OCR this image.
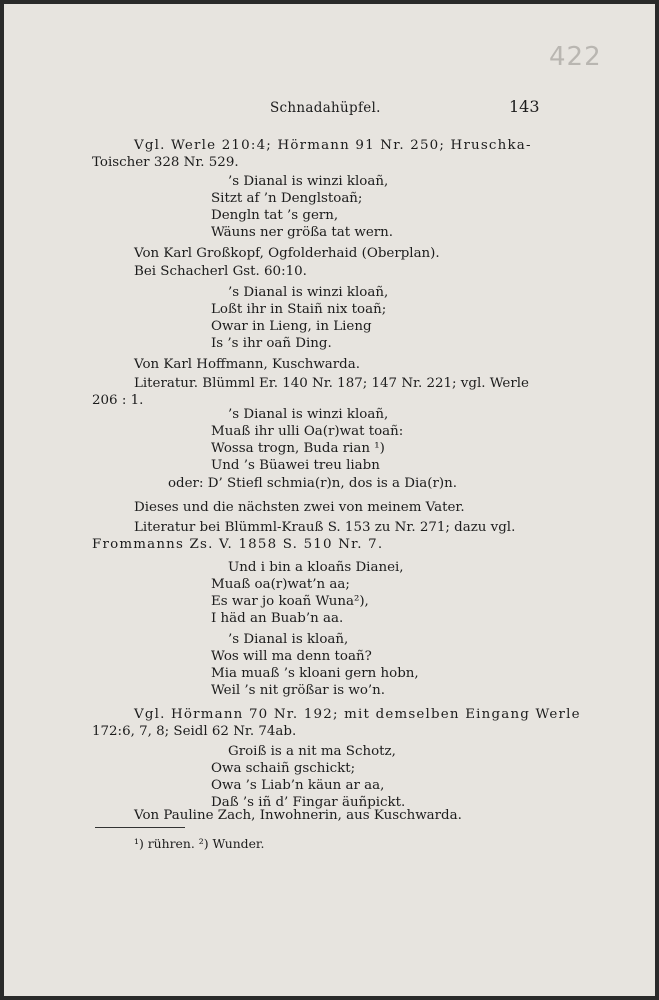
422
Schnadahüpfel.	143
Vgl. Werle 210:4; Hörmann 91 Nr. 250; Hruschka-
Toischer 328 Nr. 529.
’s Dianal is winzi kloañ,
Sitzt af ’n Denglstoañ;
Dengln tat ’s gern,
Wäuns ner größa tat wern.
Von Karl Großkopf, Ogfolderhaid (Oberplan).
Bei Schacherl Gst. 60:10.
’s Dianal is winzi kloañ,
Loßt ihr in Staiñ nix toañ;
Owar in Lieng, in Lieng
Is ’s ihr oañ Ding.
Von Karl Hoffmann, Kuschwarda.
Literatur. Blümml Er. 140 Nr. 187; 147 Nr. 221; vgl. Werle
206 : 1.
’s Dianal is winzi kloañ,
Muaß ihr ulli Oa(r)wat toañ:
Wossa trogn, Buda rian ¹)
Und ’s Büawei treu liabn
oder: D’ Stiefl schmia(r)n, dos is a Dia(r)n.
Dieses und die nächsten zwei von meinem Vater.
Literatur bei Blümml-Krauß S. 153 zu Nr. 271; dazu vgl.
Frommanns Zs. V. 1858 S. 510 Nr. 7.
Und i bin a kloañs Dianei,
Muaß oa(r)wat’n aa;
Es war jo koañ Wuna²),
I häd an Buab’n aa.
’s Dianal is kloañ,
Wos will ma denn toañ?
Mia muaß ’s kloani gern hobn,
Weil ’s nit größar is wo’n.
Vgl. Hörmann 70 Nr. 192; mit demselben Eingang Werle
172:6, 7, 8; Seidl 62 Nr. 74ab.
Groiß is a nit ma Schotz,
Owa schaiñ gschickt;
Owa ’s Liab’n käun ar aa,
Daß ’s iñ d’ Fingar äuñpickt.
Von Pauline Zach, Inwohnerin, aus Kuschwarda.
¹) rühren. ²) Wunder.
